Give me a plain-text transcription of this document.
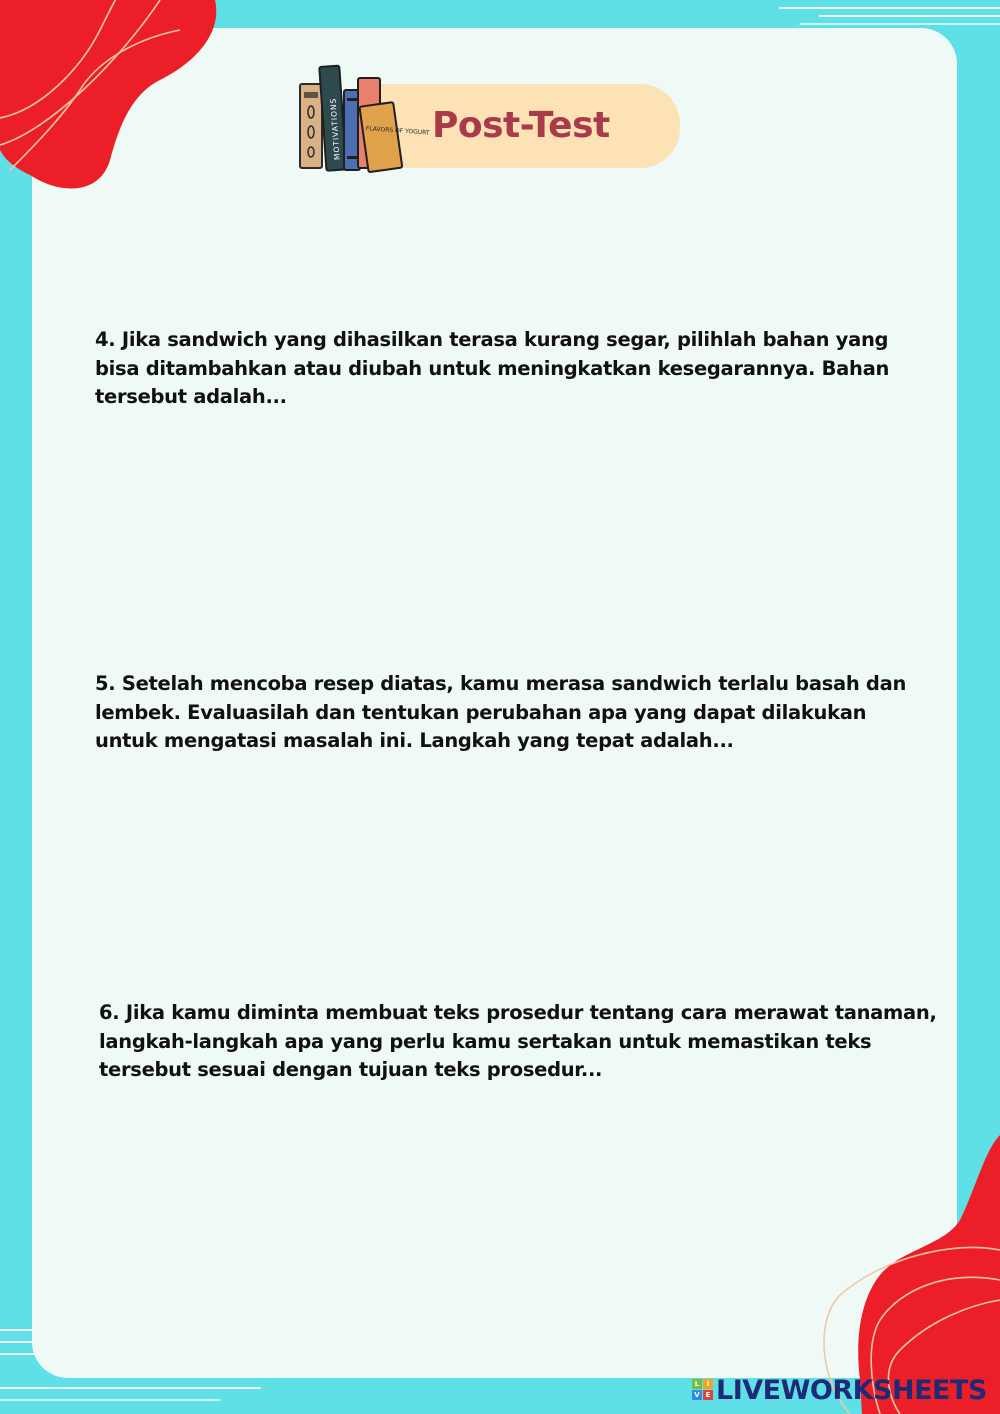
MOTIVATIONS	FLAVORS OF YOGURT Post-Test

4. Jika sandwich yang dihasilkan terasa kurang segar, pilihlah bahan yang bisa ditambahkan atau diubah untuk meningkatkan kesegarannya. Bahan tersebut adalah...

5. Setelah mencoba resep diatas, kamu merasa sandwich terlalu basah dan lembek. Evaluasilah dan tentukan perubahan apa yang dapat dilakukan untuk mengatasi masalah ini. Langkah yang tepat adalah...

6. Jika kamu diminta membuat teks prosedur tentang cara merawat tanaman, langkah-langkah apa yang perlu kamu sertakan untuk memastikan teks tersebut sesuai dengan tujuan teks prosedur...

L	I
V E LIVEWORKSHEETS
